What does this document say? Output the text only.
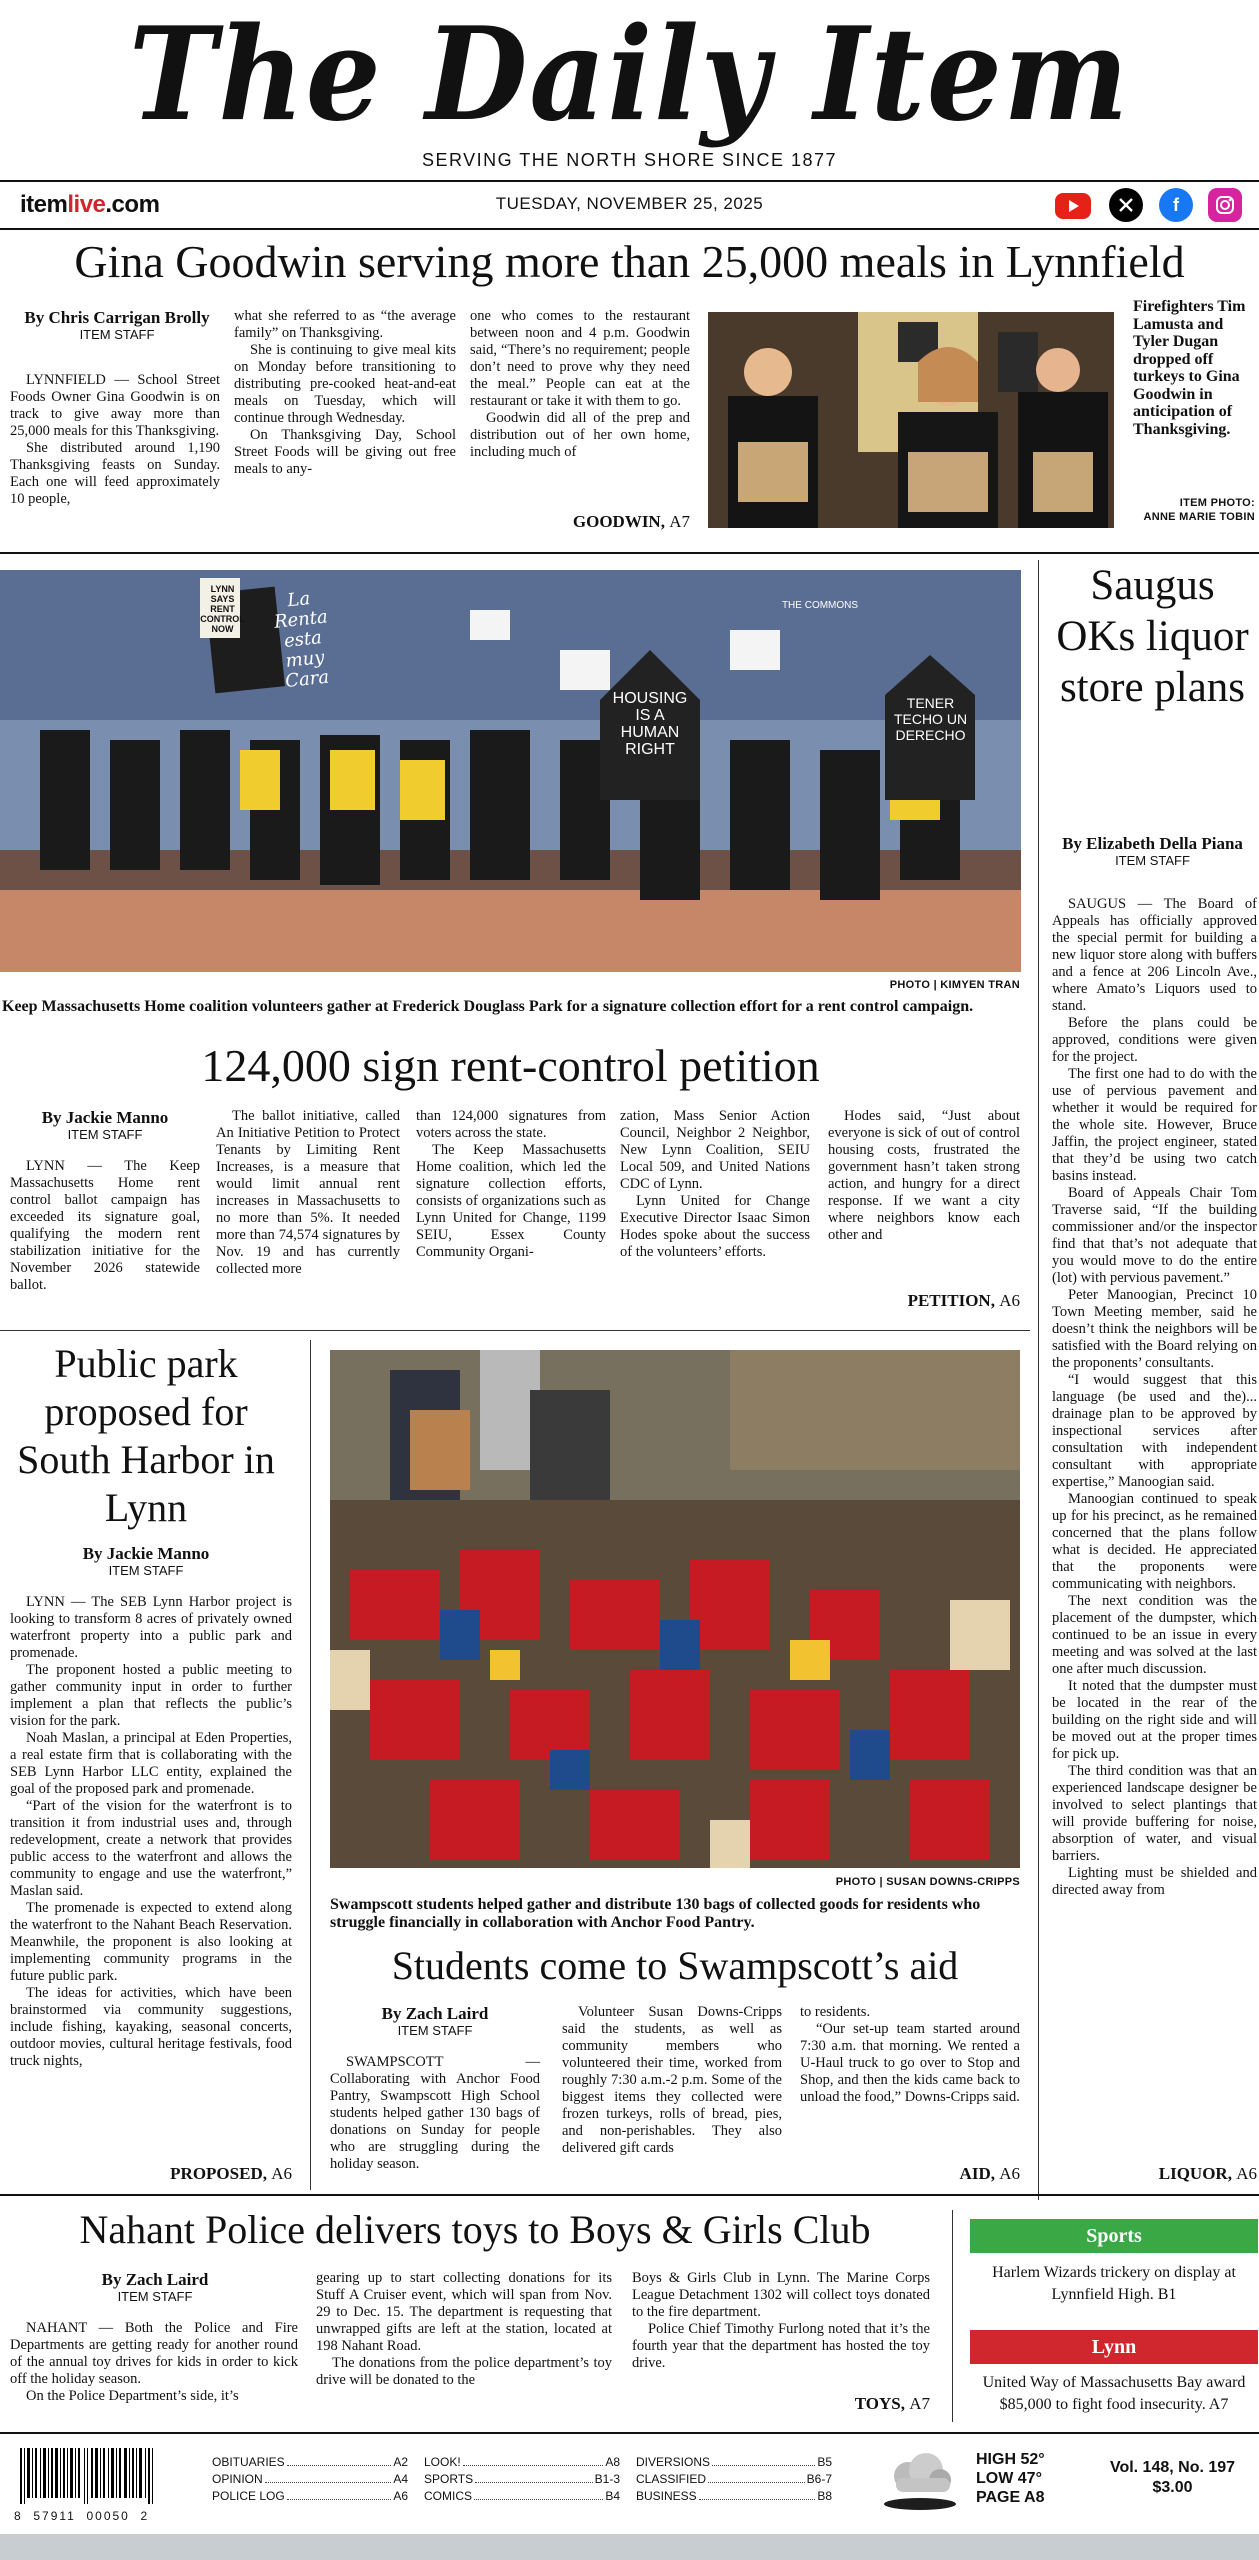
The Daily Item
SERVING THE NORTH SHORE SINCE 1877
itemlive.com	TUESDAY, NOVEMBER 25, 2025	f
Gina Goodwin serving more than 25,000 meals in Lynnfield
By Chris Carrigan Brolly
ITEM STAFF

LYNNFIELD — School Street Foods Owner Gina Goodwin is on track to give away more than 25,000 meals for this Thanksgiving.

She distributed around 1,190 Thanksgiving feasts on Sunday. Each one will feed approximately 10 people,

what she referred to as “the average family” on Thanksgiving.

She is continuing to give meal kits on Monday before transitioning to distributing pre-cooked heat-and-eat meals on Tuesday, which will continue through Wednesday.

On Thanksgiving Day, School Street Foods will be giving out free meals to any-

one who comes to the restaurant between noon and 4 p.m. Goodwin said, “There’s no requirement; people don’t need to prove why they need the meal.” People can eat at the restaurant or take it with them to go.

Goodwin did all of the prep and distribution out of her own home, including much of

GOODWIN, A7
Firefighters Tim Lamusta and Tyler Dugan dropped off turkeys to Gina Goodwin in anticipation of Thanksgiving.
ITEM PHOTO:
ANNE MARIE TOBIN
LYNN SAYS RENT CONTROL NOW
La Renta esta muy Cara
HOUSING IS A HUMAN RIGHT
TENER TECHO UN DERECHO
THE COMMONS
PHOTO | KIMYEN TRAN
Keep Massachusetts Home coalition volunteers gather at Frederick Douglass Park for a signature collection effort for a rent control campaign.
124,000 sign rent-control petition
By Jackie Manno
ITEM STAFF

LYNN — The Keep Massachusetts Home rent control ballot campaign has exceeded its signature goal, qualifying the modern rent stabilization initiative for the November 2026 statewide ballot.

The ballot initiative, called An Initiative Petition to Protect Tenants by Limiting Rent Increases, is a measure that would limit annual rent increases in Massachusetts to no more than 5%. It needed more than 74,574 signatures by Nov. 19 and has currently collected more

than 124,000 signatures from voters across the state.

The Keep Massachusetts Home coalition, which led the signature collection efforts, consists of organizations such as Lynn United for Change, 1199 SEIU, Essex County Community Organi-

zation, Mass Senior Action Council, Neighbor 2 Neighbor, New Lynn Coalition, SEIU Local 509, and United Nations CDC of Lynn.

Lynn United for Change Executive Director Isaac Simon Hodes spoke about the success of the volunteers’ efforts.

Hodes said, “Just about everyone is sick of out of control housing costs, frustrated the government hasn’t taken strong action, and hungry for a direct response. If we want a city where neighbors know each other and

PETITION, A6
Saugus OKs liquor store plans
By Elizabeth Della Piana
ITEM STAFF

SAUGUS — The Board of Appeals has officially approved the special permit for building a new liquor store along with buffers and a fence at 206 Lincoln Ave., where Amato’s Liquors used to stand.

Before the plans could be approved, conditions were given for the project.

The first one had to do with the use of pervious pavement and whether it would be required for the whole site. However, Bruce Jaffin, the project engineer, stated that they’d be using two catch basins instead.

Board of Appeals Chair Tom Traverse said, “If the building commissioner and/or the inspector find that that’s not adequate that you would move to do the entire (lot) with pervious pavement.”

Peter Manoogian, Precinct 10 Town Meeting member, said he doesn’t think the neighbors will be satisfied with the Board relying on the proponents’ consultants.

“I would suggest that this language (be used and the)... drainage plan to be approved by inspectional services after consultation with independent consultant with appropriate expertise,” Manoogian said.

Manoogian continued to speak up for his precinct, as he remained concerned that the plans follow what is decided. He appreciated that the proponents were communicating with neighbors.

The next condition was the placement of the dumpster, which continued to be an issue in every meeting and was solved at the last one after much discussion.

It noted that the dumpster must be located in the rear of the building on the right side and will be moved out at the proper times for pick up.

The third condition was that an experienced landscape designer be involved to select plantings that will provide buffering for noise, absorption of water, and visual barriers.

Lighting must be shielded and directed away from

LIQUOR, A6
Public park proposed for South Harbor in Lynn
By Jackie Manno
ITEM STAFF

LYNN — The SEB Lynn Harbor project is looking to transform 8 acres of privately owned waterfront property into a public park and promenade.

The proponent hosted a public meeting to gather community input in order to further implement a plan that reflects the public’s vision for the park.

Noah Maslan, a principal at Eden Properties, a real estate firm that is collaborating with the SEB Lynn Harbor LLC entity, explained the goal of the proposed park and promenade.

“Part of the vision for the waterfront is to transition it from industrial uses and, through redevelopment, create a network that provides public access to the waterfront and allows the community to engage and use the waterfront,” Maslan said.

The promenade is expected to extend along the waterfront to the Nahant Beach Reservation. Meanwhile, the proponent is also looking at implementing community programs in the future public park.

The ideas for activities, which have been brainstormed via community suggestions, include fishing, kayaking, seasonal concerts, outdoor movies, cultural heritage festivals, food truck nights,

PROPOSED, A6
PHOTO | SUSAN DOWNS-CRIPPS
Swampscott students helped gather and distribute 130 bags of collected goods for residents who struggle financially in collaboration with Anchor Food Pantry.
Students come to Swampscott’s aid
By Zach Laird
ITEM STAFF

SWAMPSCOTT — Collaborating with Anchor Food Pantry, Swampscott High School students helped gather 130 bags of donations on Sunday for people who are struggling during the holiday season.

Volunteer Susan Downs-Cripps said the students, as well as community members who volunteered their time, worked from roughly 7:30 a.m.-2 p.m. Some of the biggest items they collected were frozen turkeys, rolls of bread, pies, and non-perishables. They also delivered gift cards

to residents.

“Our set-up team started around 7:30 a.m. that morning. We rented a U-Haul truck to go over to Stop and Shop, and then the kids came back to unload the food,” Downs-Cripps said.

AID, A6
Nahant Police delivers toys to Boys & Girls Club
By Zach Laird
ITEM STAFF

NAHANT — Both the Police and Fire Departments are getting ready for another round of the annual toy drives for kids in order to kick off the holiday season.

On the Police Department’s side, it’s

gearing up to start collecting donations for its Stuff A Cruiser event, which will span from Nov. 29 to Dec. 15. The department is requesting that unwrapped gifts are left at the station, located at 198 Nahant Road.

The donations from the police department’s toy drive will be donated to the

Boys & Girls Club in Lynn. The Marine Corps League Detachment 1302 will collect toys donated to the fire department.

Police Chief Timothy Furlong noted that it’s the fourth year that the department has hosted the toy drive.

TOYS, A7
Sports
Harlem Wizards trickery on display at Lynnfield High. B1
Lynn
United Way of Massachusetts Bay award $85,000 to fight food insecurity. A7
8  57911  00050  2
OBITUARIES	A2
OPINION	A4
POLICE LOG	A6
LOOK!	A8
SPORTS	B1-3
COMICS	B4
DIVERSIONS	B5
CLASSIFIED	B6-7
BUSINESS	B8
HIGH 52°
LOW 47°
PAGE A8
Vol. 148, No. 197
$3.00
